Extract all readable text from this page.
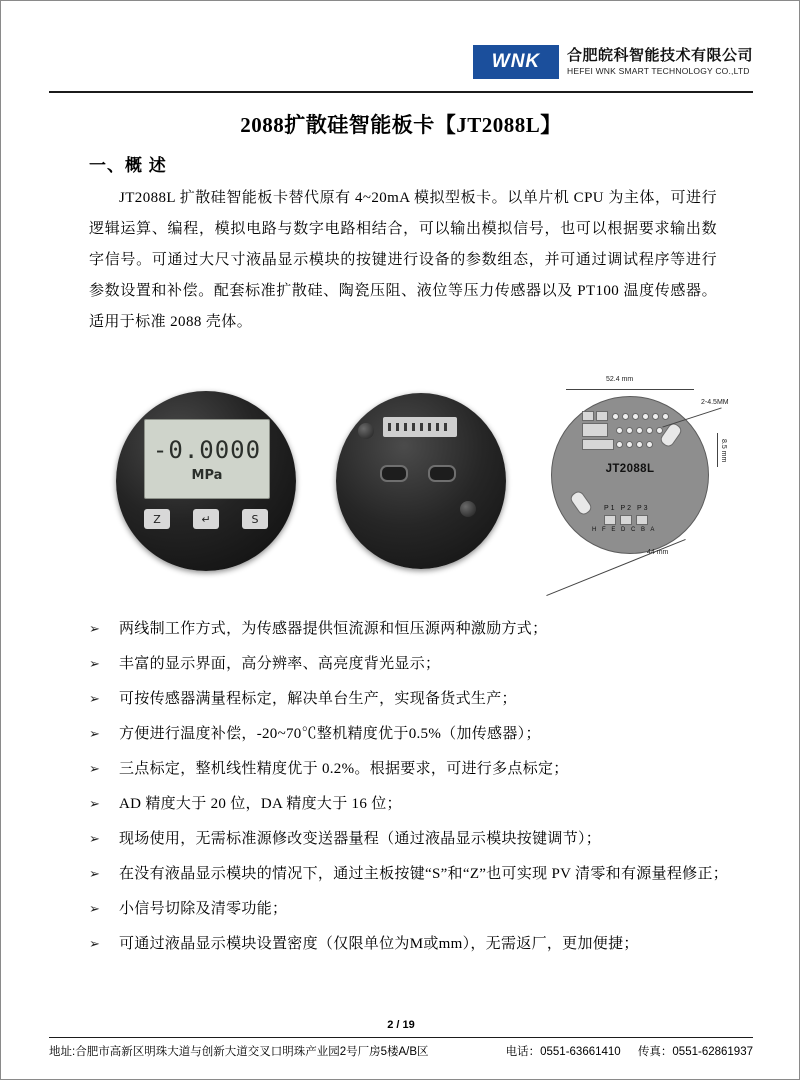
WNK	合肥皖科智能技术有限公司
HEFEI WNK SMART TECHNOLOGY CO.,LTD
2088扩散硅智能板卡【JT2088L】
一、概 述
JT2088L 扩散硅智能板卡替代原有 4~20mA 模拟型板卡。以单片机 CPU 为主体，可进行逻辑运算、编程，模拟电路与数字电路相结合，可以输出模拟信号，也可以根据要求输出数字信号。可通过大尺寸液晶显示模块的按键进行设备的参数组态，并可通过调试程序等进行参数设置和补偿。配套标准扩散硅、陶瓷压阻、液位等压力传感器以及 PT100 温度传感器。适用于标准 2088 壳体。
-0.0000
MPa
Z	↵	S
52.4 mm
JT2088L
P1 P2 P3
H F E D C B A
2-4.5MM
8.5 mm
44 mm
➢	两线制工作方式，为传感器提供恒流源和恒压源两种激励方式；
➢	丰富的显示界面，高分辨率、高亮度背光显示；
➢	可按传感器满量程标定，解决单台生产，实现备货式生产；
➢	方便进行温度补偿，-20~70℃整机精度优于0.5%（加传感器）；
➢	三点标定，整机线性精度优于 0.2%。根据要求，可进行多点标定；
➢	AD 精度大于 20 位，DA 精度大于 16 位；
➢	现场使用，无需标准源修改变送器量程（通过液晶显示模块按键调节）；
➢	在没有液晶显示模块的情况下，通过主板按键“S”和“Z”也可实现 PV 清零和有源量程修正；
➢	小信号切除及清零功能；
➢	可通过液晶显示模块设置密度（仅限单位为M或mm），无需返厂，更加便捷；
2 / 19
地址:合肥市高新区明珠大道与创新大道交叉口明珠产业园2号厂房5楼A/B区	电话：0551-63661410 传真：0551-62861937
